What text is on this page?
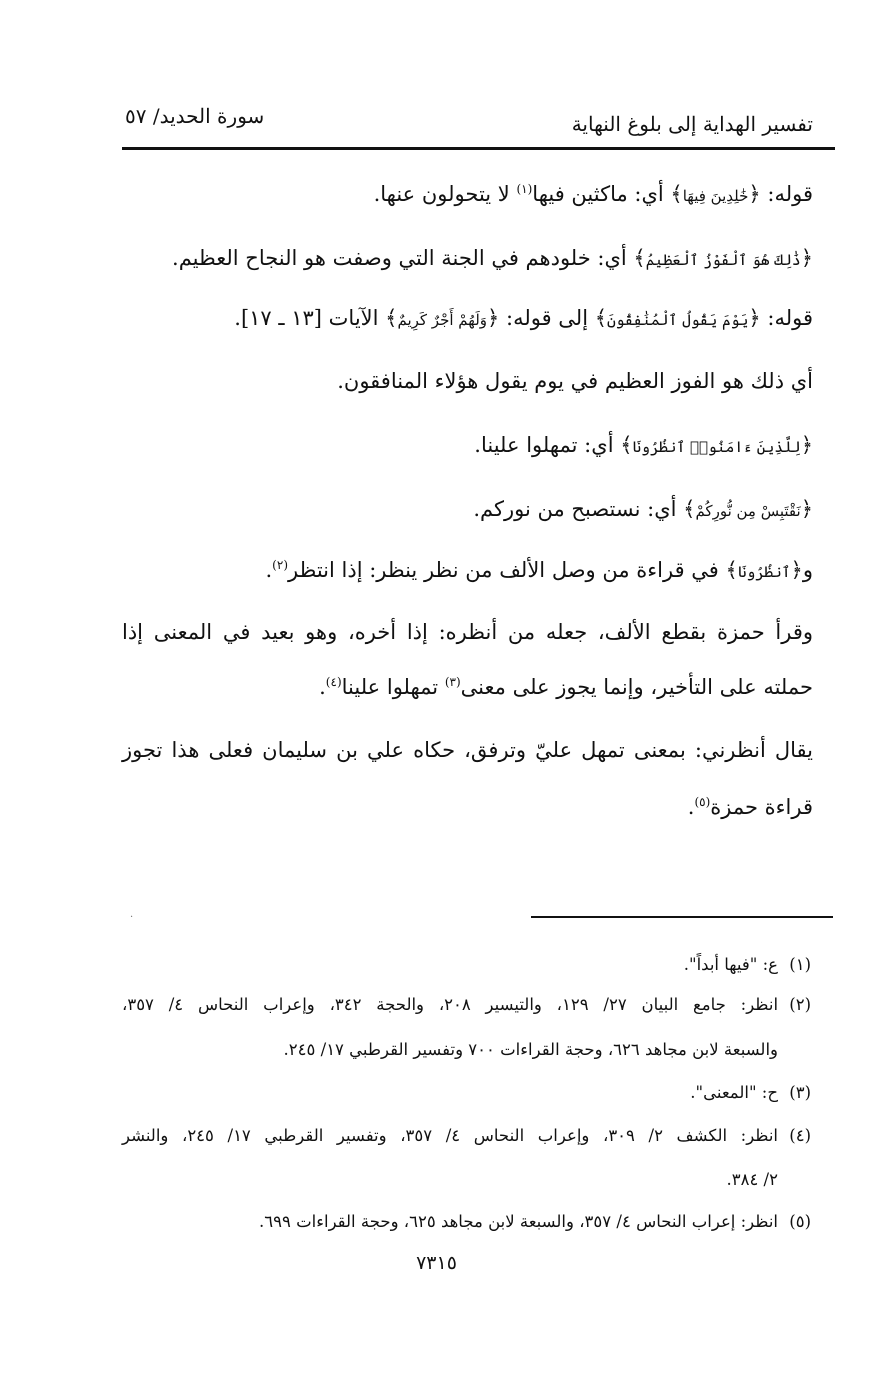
تفسير الهداية إلى بلوغ النهاية
سورة الحديد/ ٥٧
قوله: ﴿خَٰلِدِينَ فِيهَا﴾ أي: ماكثين فيها$^{(١)}$ لا يتحولون عنها.
﴿ذَٰلِكَ هُوَ ٱلْفَوْزُ ٱلْعَظِيمُ﴾ أي: خلودهم في الجنة التي وصفت هو النجاح العظيم.
قوله: ﴿يَوْمَ يَقُولُ ٱلْمُنَٰفِقُونَ﴾ إلى قوله: ﴿وَلَهُمْ أَجْرٌ كَرِيمٌ﴾ الآيات [١٣ ـ ١٧].
أي ذلك هو الفوز العظيم في يوم يقول هؤلاء المنافقون.
﴿لِلَّذِينَ ءَامَنُوا۟ ٱنظُرُونَا﴾ أي: تمهلوا علينا.
﴿نَقْتَبِسْ مِن نُّورِكُمْ﴾ أي: نستصبح من نوركم.
و﴿ٱنظُرُونَا﴾ في قراءة من وصل الألف من نظر ينظر: إذا انتظر$^{(٢)}$.
وقرأ حمزة بقطع الألف، جعله من أنظره: إذا أخره، وهو بعيد في المعنى إذا
حملته على التأخير، وإنما يجوز على معنى$^{(٣)}$ تمهلوا علينا$^{(٤)}$.
يقال أنظرني: بمعنى تمهل عليّ وترفق، حكاه علي بن سليمان فعلى هذا تجوز
قراءة حمزة$^{(٥)}$.
·
(١)
ع: "فيها أبداً".
(٢)
انظر: جامع البيان ٢٧/ ١٢٩، والتيسير ٢٠٨، والحجة ٣٤٢، وإعراب النحاس ٤/ ٣٥٧،
والسبعة لابن مجاهد ٦٢٦، وحجة القراءات ٧٠٠ وتفسير القرطبي ١٧/ ٢٤٥.
(٣)
ح: "المعنى".
(٤)
انظر: الكشف ٢/ ٣٠٩، وإعراب النحاس ٤/ ٣٥٧، وتفسير القرطبي ١٧/ ٢٤٥، والنشر
٢/ ٣٨٤.
(٥)
انظر: إعراب النحاس ٤/ ٣٥٧، والسبعة لابن مجاهد ٦٢٥، وحجة القراءات ٦٩٩.
٧٣١٥
